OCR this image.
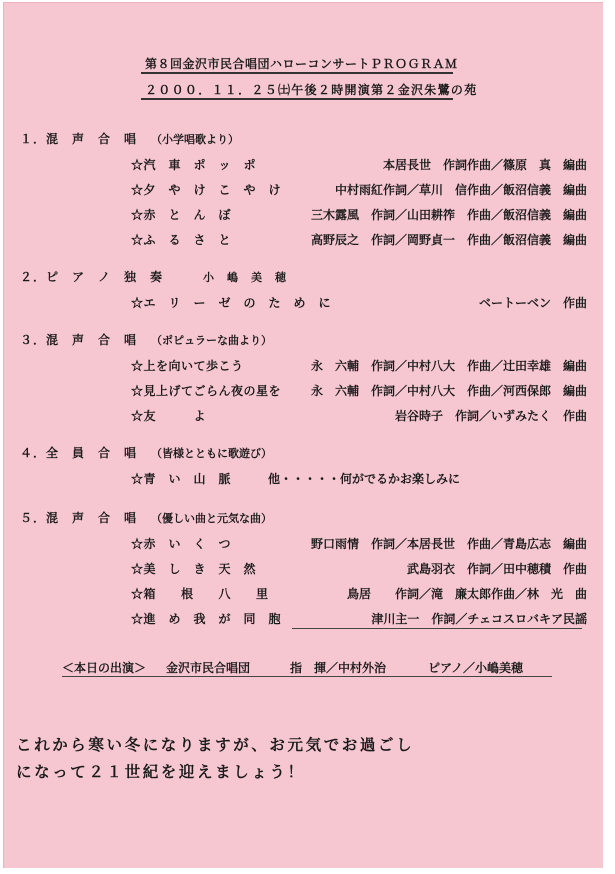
第８回金沢市民合唱団ハローコンサートＰＲＯＧＲＡＭ
２０００．１１．２５㈯午後２時開演第２金沢朱鷺の苑
１．混　声　合　唱 （小学唱歌より）
☆汽　車　ポ　ッ　ポ	本居長世　作詞作曲／篠原　真　編曲
☆夕　や　け　こ　や　け	中村雨紅作詞／草川　信作曲／飯沼信義　編曲
☆赤　と　ん　ぼ	三木露風　作詞／山田耕筰　作曲／飯沼信義　編曲
☆ふ　る　さ　と	高野辰之　作詞／岡野貞一　作曲／飯沼信義　編曲
２．ピ　ア　ノ　独　奏	小　嶋　美　穂
☆エ　リ　ー　ゼ　の　た　め　に	ベートーベン　作曲
３．混　声　合　唱 （ポピュラーな曲より）
☆上を向いて歩こう	永　六輔　作詞／中村八大　作曲／辻田幸雄　編曲
☆見上げてごらん夜の星を 永　六輔　作詞／中村八大　作曲／河西保郎　編曲
☆友　　　よ	岩谷時子　作詞／いずみたく　作曲
４．全　員　合　唱 （皆様とともに歌遊び）
☆青　い　山　脈	他・・・・・何がでるかお楽しみに
５．混　声　合　唱 （優しい曲と元気な曲）
☆赤　い　く　つ	野口雨情　作詞／本居長世　作曲／青島広志　編曲
☆美　し　き　天　然	武島羽衣　作詞／田中穂積　作曲
☆箱　　根　　八　　里	鳥居　　作詞／滝　廉太郎作曲／林　光　曲
☆進　め　我　が　同　胞	津川主一　作詞／チェコスロバキア民謡
＜本日の出演＞ 金沢市民合唱団	指　揮／中村外治	ピアノ／小嶋美穂
これから寒い冬になりますが、お元気でお過ごし
になって２１世紀を迎えましょう！
